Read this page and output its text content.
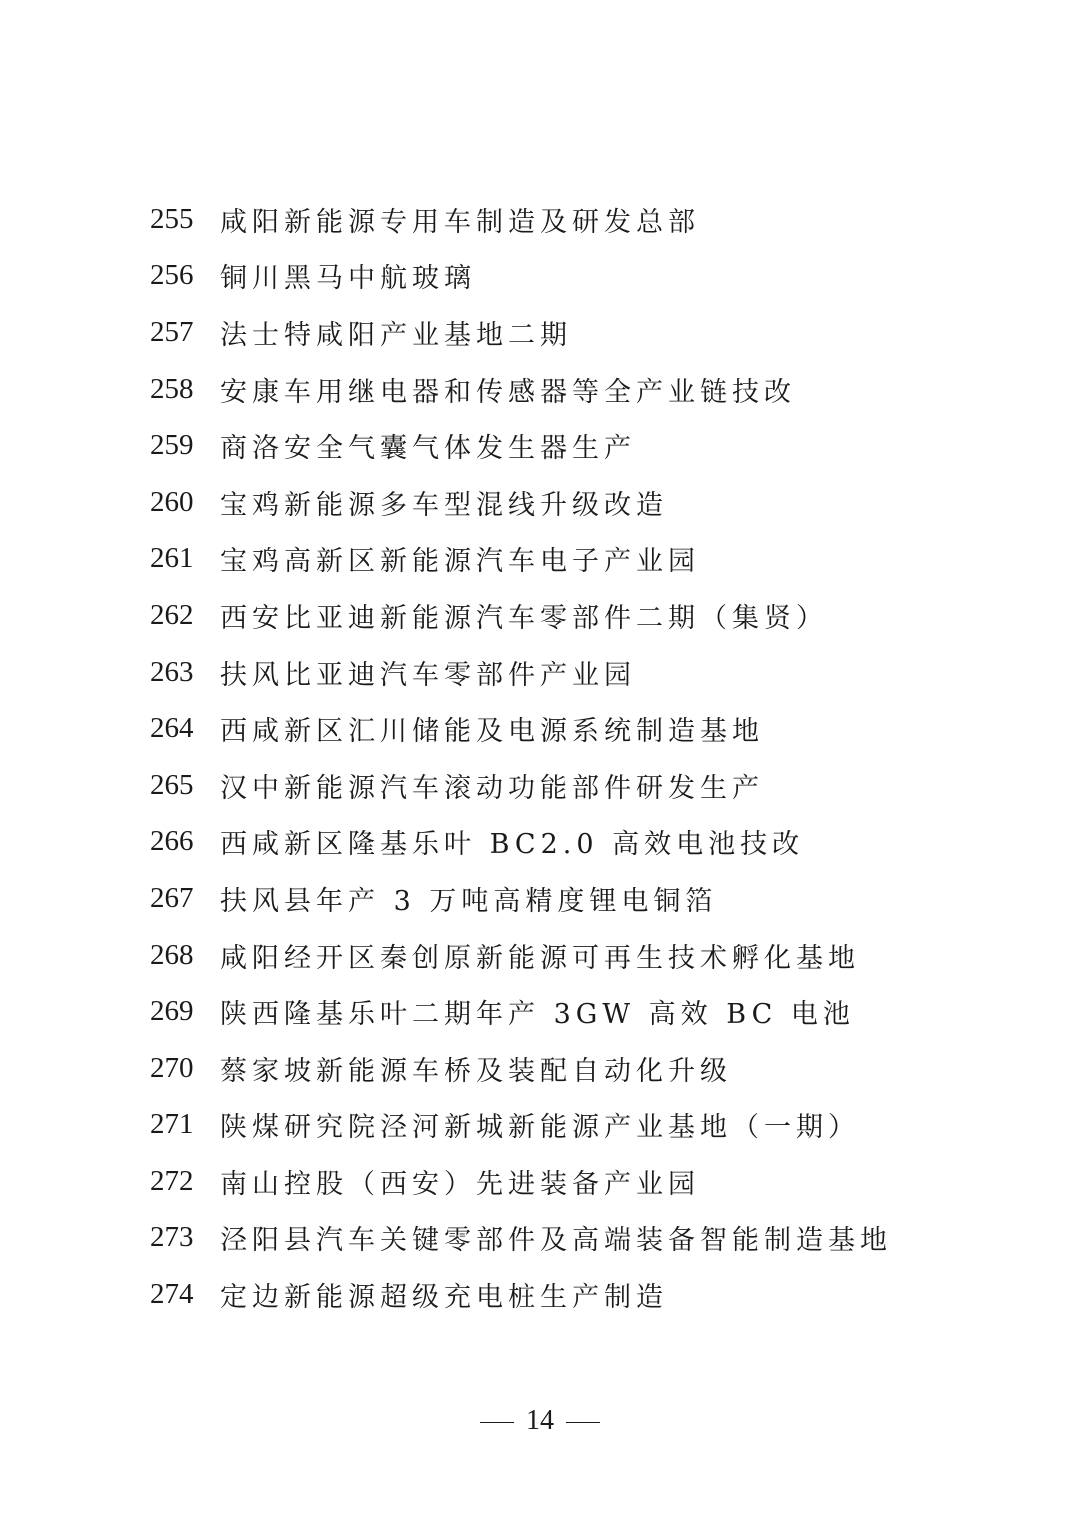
255 咸阳新能源专用车制造及研发总部
256 铜川黑马中航玻璃
257 法士特咸阳产业基地二期
258 安康车用继电器和传感器等全产业链技改
259 商洛安全气囊气体发生器生产
260 宝鸡新能源多车型混线升级改造
261 宝鸡高新区新能源汽车电子产业园
262 西安比亚迪新能源汽车零部件二期（集贤）
263 扶风比亚迪汽车零部件产业园
264 西咸新区汇川储能及电源系统制造基地
265 汉中新能源汽车滚动功能部件研发生产
266 西咸新区隆基乐叶 BC2.0 高效电池技改
267 扶风县年产 3 万吨高精度锂电铜箔
268 咸阳经开区秦创原新能源可再生技术孵化基地
269 陕西隆基乐叶二期年产 3GW 高效 BC 电池
270 蔡家坡新能源车桥及装配自动化升级
271 陕煤研究院泾河新城新能源产业基地（一期）
272 南山控股（西安）先进装备产业园
273 泾阳县汽车关键零部件及高端装备智能制造基地
274 定边新能源超级充电桩生产制造
14
